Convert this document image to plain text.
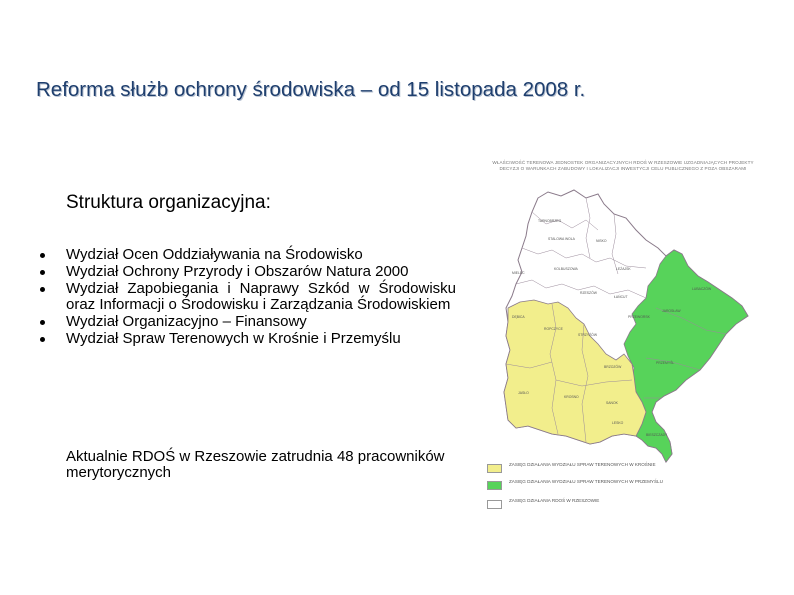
Reforma służb ochrony środowiska – od 15 listopada 2008 r.
Struktura organizacyjna:
Wydział Ocen Oddziaływania na Środowisko
Wydział Ochrony Przyrody i Obszarów Natura 2000
Wydział Zapobiegania i Naprawy Szkód w Środowisku oraz Informacji o Środowisku i Zarządzania Środowiskiem
Wydział Organizacyjno – Finansowy
Wydział Spraw Terenowych w Krośnie i Przemyślu
Aktualnie RDOŚ w Rzeszowie zatrudnia 48 pracowników merytorycznych
WŁAŚCIWOŚĆ TERENOWA JEDNOSTEK ORGANIZACYJNYCH RDOŚ W RZESZOWIE UZGADNIAJĄCYCH PROJEKTY DECYZJI O WARUNKACH ZABUDOWY I LOKALIZACJI INWESTYCJI CELU PUBLICZNEGO Z POZA OBSZARAMI
TARNOBRZEG
STALOWA WOLA	NISKO
MIELEC
KOLBUSZOWA	LEŻAJSK
RZESZÓW
ŁAŃCUT
PRZEWORSK
JAROSŁAW
LUBACZÓW
ROPCZYCE
DĘBICA
STRZYŻÓW
JASŁO
KROSNO
BRZOZÓW
PRZEMYŚL
SANOK
LESKO
BIESZCZADY
ZASIĘG DZIAŁANIA WYDZIAŁU SPRAW TERENOWYCH W KROŚNIE
ZASIĘG DZIAŁANIA WYDZIAŁU SPRAW TERENOWYCH W PRZEMYŚLU
ZASIĘG DZIAŁANIA RDOŚ W RZESZOWIE
